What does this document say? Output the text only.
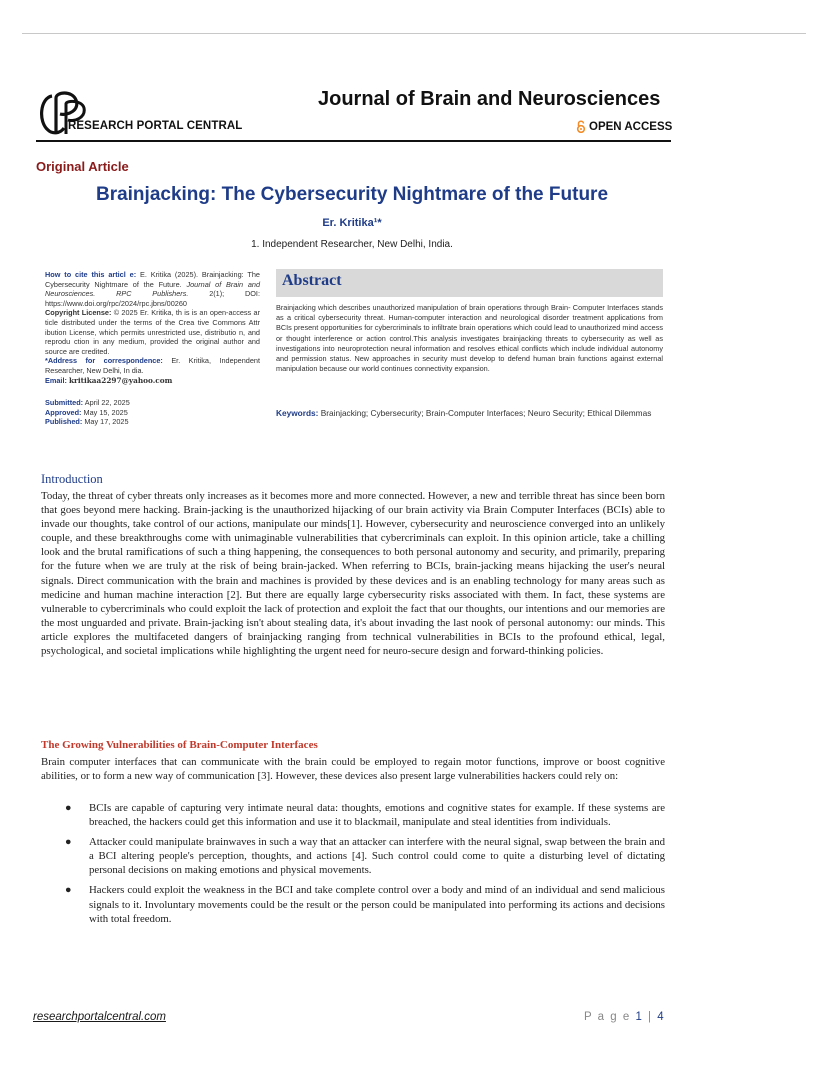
RESEARCH PORTAL CENTRAL
Journal of Brain and Neurosciences
OPEN ACCESS
Original Article
Brainjacking: The Cybersecurity Nightmare of the Future
Er. Kritika¹*
1. Independent Researcher, New Delhi, India.

How to cite this articl e: E. Kritika (2025). Brainjacking: The Cybersecurity Nightmare of the Future. Journal of Brain and Neurosciences. RPC Publishers.	2(1); DOI: https://www.doi.org/rpc/2024/rpc.jbns/00260

Copyright License: © 2025 Er. Kritika, th is is an open-access ar ticle distributed under the terms of the Crea tive Commons Attr ibution License, which permits unrestricted use, distributio n, and reprodu ction in any medium, provided the original author and source are credited.

*Address for correspondence: Er. Kritika, Independent Researcher, New Delhi, In dia.

Email: kritikaa2297@yahoo.com

Submitted: April 22, 2025

Approved: May 15, 2025

Published: May 17, 2025

Abstract
Brainjacking which describes unauthorized manipulation of brain operations through Brain- Computer Interfaces stands as a critical cybersecurity threat. Human-computer interaction and neurological disorder treatment applications from BCIs present opportunities for cybercriminals to infiltrate brain operations which could lead to unauthorized mind access or thought interference or action control.This analysis investigates brainjacking threats to cybersecurity as well as investigations into neuroprotection neural information and resolves ethical conflicts which include individual autonomy and permission status. New approaches in security must develop to defend human brain functions against external manipulation because our world continues connectivity expansion.
Keywords: Brainjacking; Cybersecurity; Brain-Computer Interfaces; Neuro Security; Ethical Dilemmas
Introduction
Today, the threat of cyber threats only increases as it becomes more and more connected. However, a new and terrible threat has since been born that goes beyond mere hacking. Brain-jacking is the unauthorized hijacking of our brain activity via Brain Computer Interfaces (BCIs) able to invade our thoughts, take control of our actions, manipulate our minds[1]. However, cybersecurity and neuroscience converged into an unlikely couple, and these breakthroughs come with unimaginable vulnerabilities that cybercriminals can exploit. In this opinion article, take a chilling look and the brutal ramifications of such a thing happening, the consequences to both personal autonomy and security, and primarily, preparing for the future when we are truly at the risk of being brain-jacked. When referring to BCIs, brain-jacking means hijacking the user's neural signals. Direct communication with the brain and machines is provided by these devices and is an enabling technology for many areas such as medicine and human machine interaction [2]. But there are equally large cybersecurity risks associated with them. In fact, these systems are vulnerable to cybercriminals who could exploit the lack of protection and exploit the fact that our thoughts, our intentions and our memories are the most unguarded and private. Brain-jacking isn't about stealing data, it's about invading the last nook of personal autonomy: our minds. This article explores the multifaceted dangers of brainjacking ranging from technical vulnerabilities in BCIs to the profound ethical, legal, psychological, and societal implications while highlighting the urgent need for neuro-secure design and forward-thinking policies.
The Growing Vulnerabilities of Brain-Computer Interfaces
Brain computer interfaces that can communicate with the brain could be employed to regain motor functions, improve or boost cognitive abilities, or to form a new way of communication [3]. However, these devices also present large vulnerabilities hackers could rely on:
● BCIs are capable of capturing very intimate neural data: thoughts, emotions and cognitive states for example. If these systems are breached, the hackers could get this information and use it to blackmail, manipulate and steal identities from individuals.
● Attacker could manipulate brainwaves in such a way that an attacker can interfere with the neural signal, swap between the brain and a BCI altering people's perception, thoughts, and actions [4]. Such control could come to quite a disturbing level of dictating personal decisions on making emotions and physical movements.
● Hackers could exploit the weakness in the BCI and take complete control over a body and mind of an individual and send malicious signals to it. Involuntary movements could be the result or the person could be manipulated into performing its actions and decisions with total freedom.
researchportalcentral.com	P a g e 1 | 4
